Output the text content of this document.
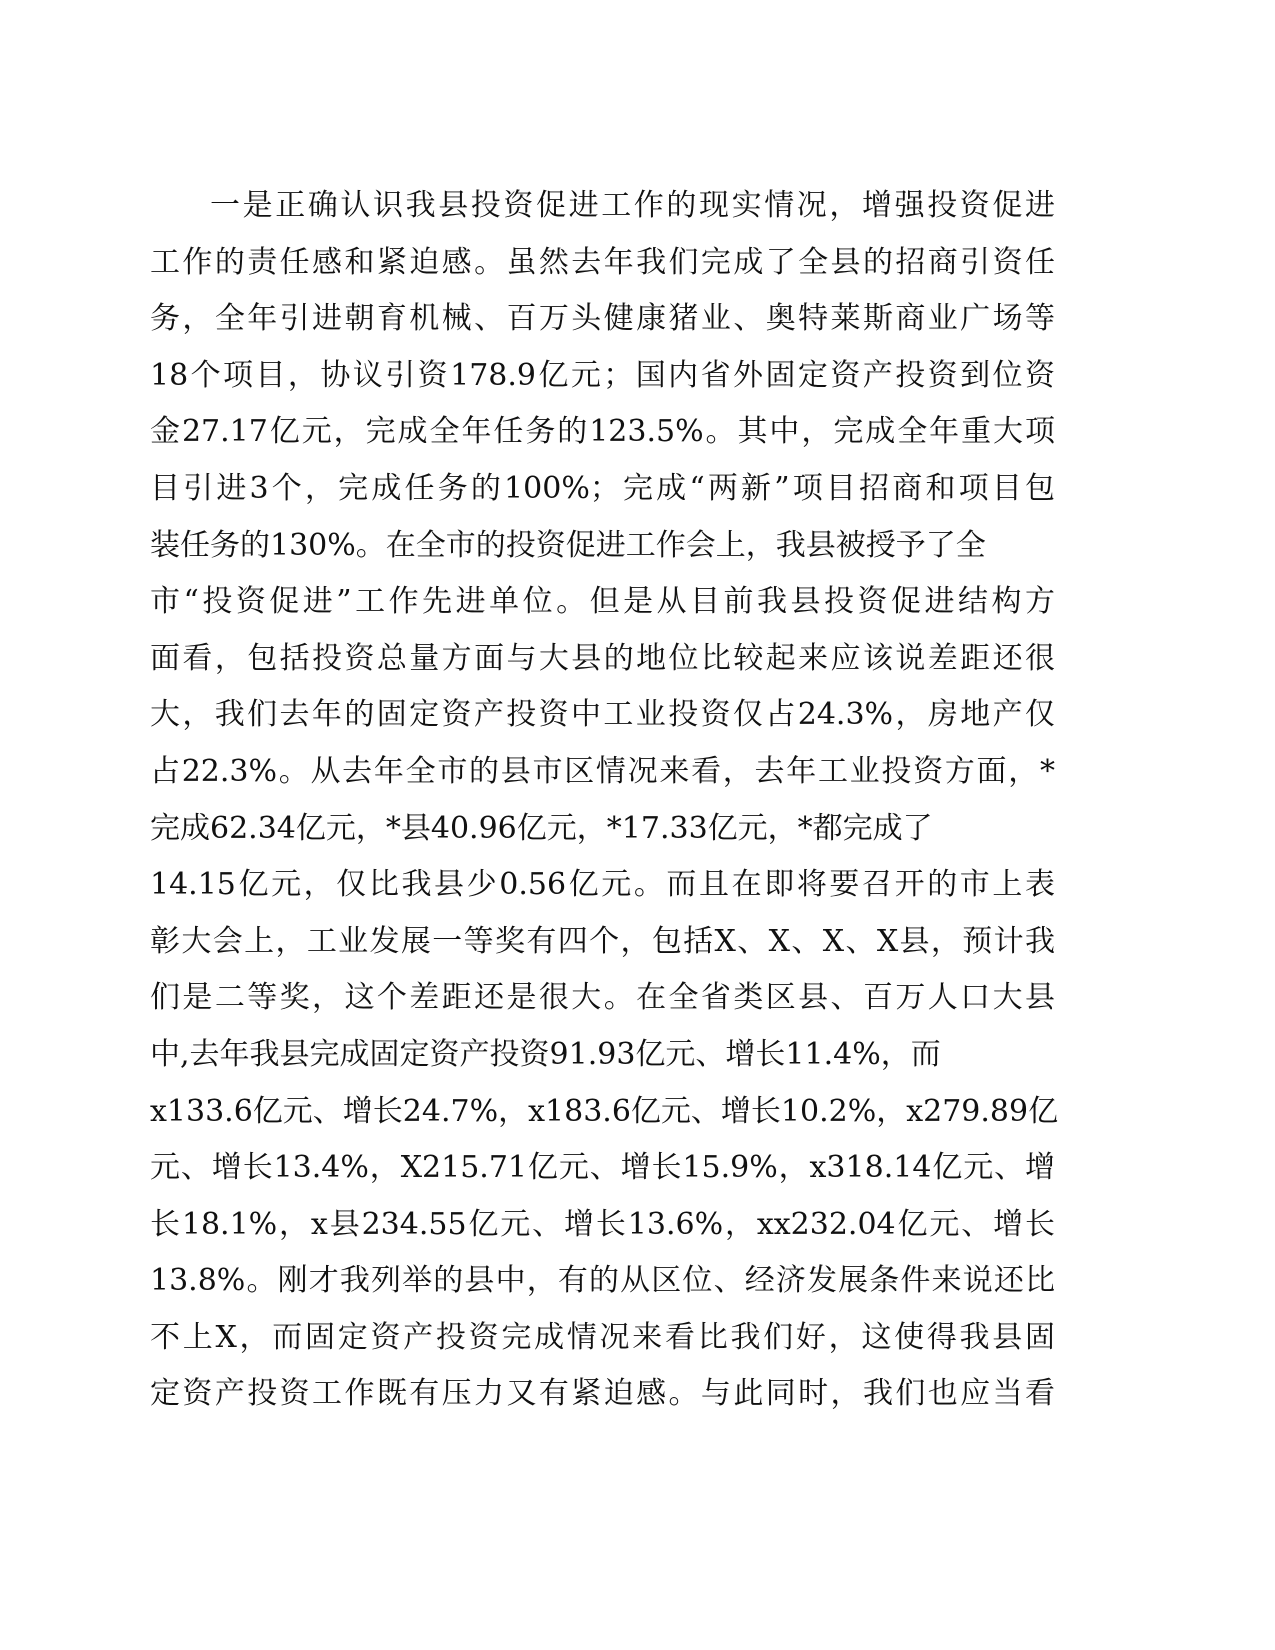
一是正确认识我县投资促进工作的现实情况，增强投资促进
工作的责任感和紧迫感。虽然去年我们完成了全县的招商引资任
务，全年引进朝育机械、百万头健康猪业、奥特莱斯商业广场等
18个项目，协议引资178.9亿元；国内省外固定资产投资到位资
金27.17亿元，完成全年任务的123.5%。其中，完成全年重大项
目引进3个，完成任务的100%；完成“两新”项目招商和项目包
装任务的130%。在全市的投资促进工作会上，我县被授予了全
市“投资促进”工作先进单位。但是从目前我县投资促进结构方
面看，包括投资总量方面与大县的地位比较起来应该说差距还很
大，我们去年的固定资产投资中工业投资仅占24.3%，房地产仅
占22.3%。从去年全市的县市区情况来看，去年工业投资方面，*
完成62.34亿元，*县40.96亿元，*17.33亿元，*都完成了
14.15亿元，仅比我县少0.56亿元。而且在即将要召开的市上表
彰大会上，工业发展一等奖有四个，包括X、X、X、X县，预计我
们是二等奖，这个差距还是很大。在全省类区县、百万人口大县
中,去年我县完成固定资产投资91.93亿元、增长11.4%，而
x133.6亿元、增长24.7%，x183.6亿元、增长10.2%，x279.89亿
元、增长13.4%，X215.71亿元、增长15.9%，x318.14亿元、增
长18.1%，x县234.55亿元、增长13.6%，xx232.04亿元、增长
13.8%。刚才我列举的县中，有的从区位、经济发展条件来说还比
不上X，而固定资产投资完成情况来看比我们好，这使得我县固
定资产投资工作既有压力又有紧迫感。与此同时，我们也应当看
